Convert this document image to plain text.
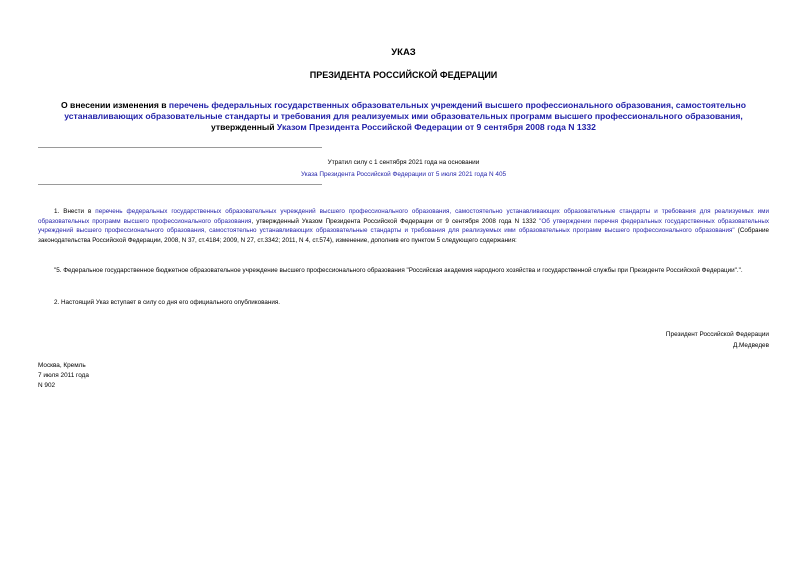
УКАЗ
ПРЕЗИДЕНТА РОССИЙСКОЙ ФЕДЕРАЦИИ
О внесении изменения в перечень федеральных государственных образовательных учреждений высшего профессионального образования, самостоятельно устанавливающих образовательные стандарты и требования для реализуемых ими образовательных программ высшего профессионального образования, утвержденный Указом Президента Российской Федерации от 9 сентября 2008 года N 1332
Утратил силу с 1 сентября 2021 года на основании
Указа Президента Российской Федерации от 5 июля 2021 года N 405
1. Внести в перечень федеральных государственных образовательных учреждений высшего профессионального образования, самостоятельно устанавливающих образовательные стандарты и требования для реализуемых ими образовательных программ высшего профессионального образования, утвержденный Указом Президента Российской Федерации от 9 сентября 2008 года N 1332 "Об утверждении перечня федеральных государственных образовательных учреждений высшего профессионального образования, самостоятельно устанавливающих образовательные стандарты и требования для реализуемых ими образовательных программ высшего профессионального образования" (Собрание законодательства Российской Федерации, 2008, N 37, ст.4184; 2009, N 27, ст.3342; 2011, N 4, ст.574), изменение, дополнив его пунктом 5 следующего содержания:
"5. Федеральное государственное бюджетное образовательное учреждение высшего профессионального образования "Российская академия народного хозяйства и государственной службы при Президенте Российской Федерации".".
2. Настоящий Указ вступает в силу со дня его официального опубликования.
Президент Российской Федерации
Д.Медведев
Москва, Кремль
7 июля 2011 года
N 902
